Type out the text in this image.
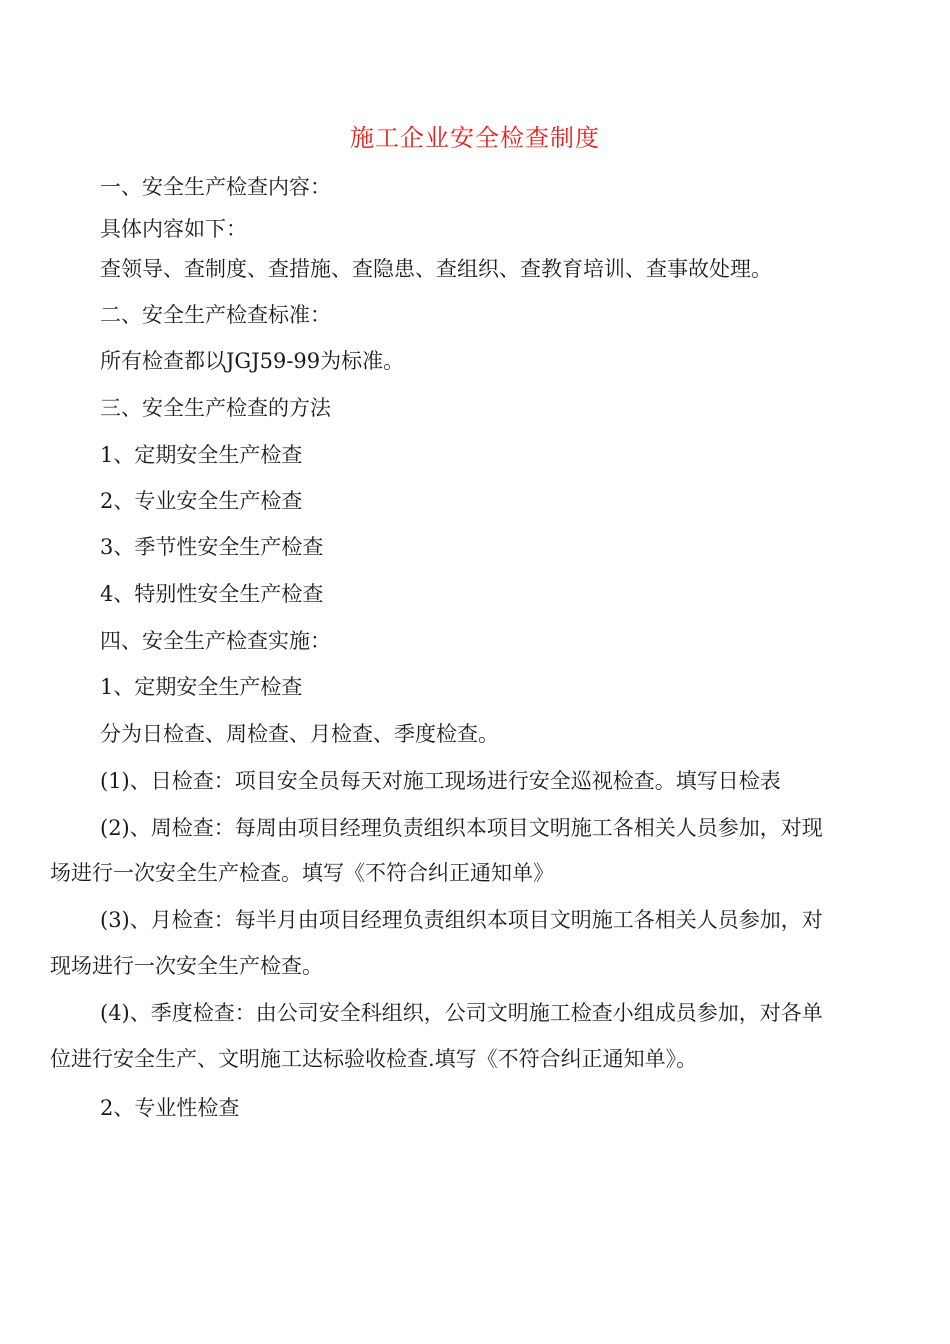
施工企业安全检查制度
一、安全生产检查内容：
具体内容如下：
查领导、查制度、查措施、查隐患、查组织、查教育培训、查事故处理。
二、安全生产检查标准：
所有检查都以JGJ59-99为标准。
三、安全生产检查的方法
1、定期安全生产检查
2、专业安全生产检查
3、季节性安全生产检查
4、特别性安全生产检查
四、安全生产检查实施：
1、定期安全生产检查
分为日检查、周检查、月检查、季度检查。
(1)、日检查：项目安全员每天对施工现场进行安全巡视检查。填写日检表
(2)、周检查：每周由项目经理负责组织本项目文明施工各相关人员参加，对现
场进行一次安全生产检查。填写《不符合纠正通知单》
(3)、月检查：每半月由项目经理负责组织本项目文明施工各相关人员参加，对
现场进行一次安全生产检查。
(4)、季度检查：由公司安全科组织，公司文明施工检查小组成员参加，对各单
位进行安全生产、文明施工达标验收检查.填写《不符合纠正通知单》。
2、专业性检查
